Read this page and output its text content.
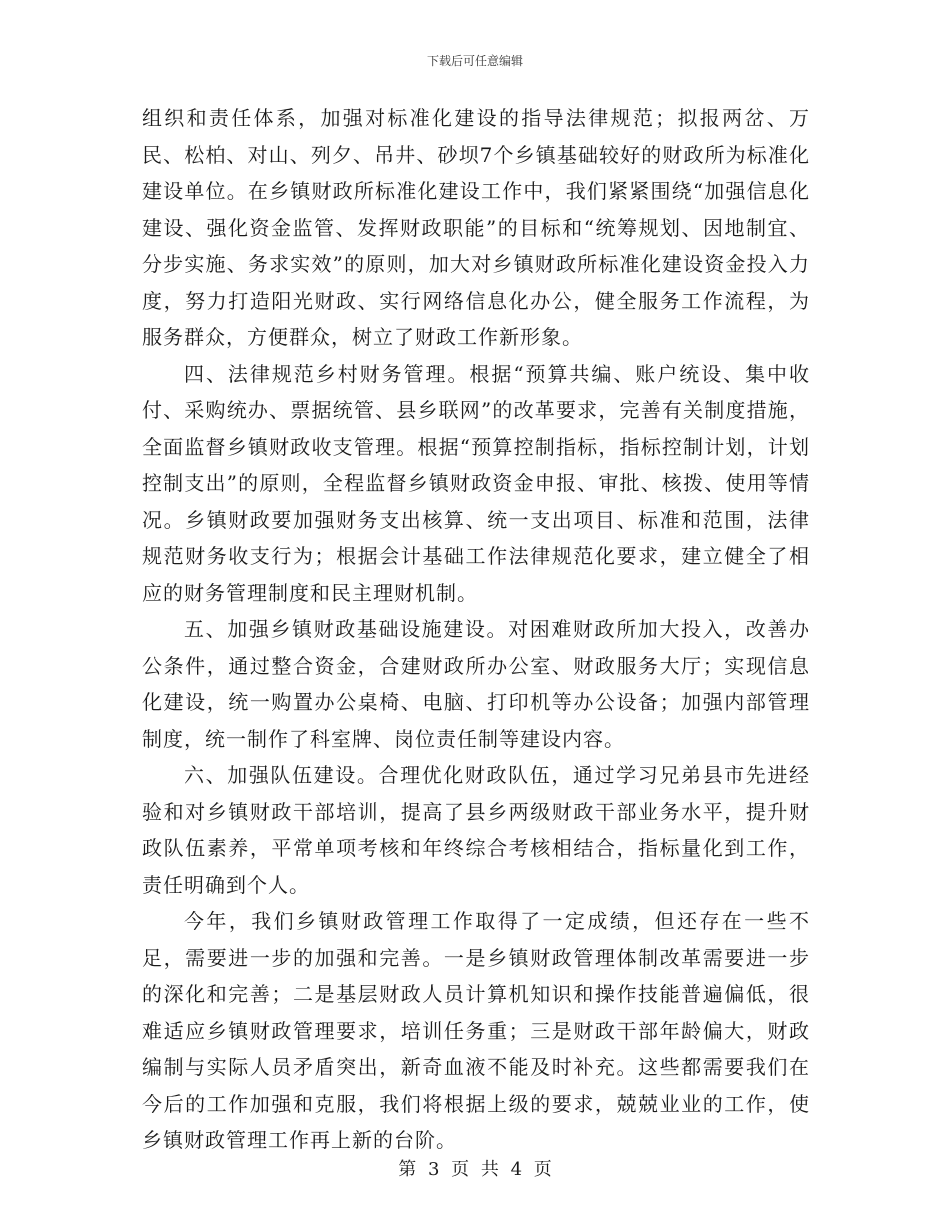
下载后可任意编辑

组织和责任体系，加强对标准化建设的指导法律规范；拟报两岔、万民、松柏、对山、列夕、吊井、砂坝7个乡镇基础较好的财政所为标准化建设单位。在乡镇财政所标准化建设工作中，我们紧紧围绕“加强信息化建设、强化资金监管、发挥财政职能”的目标和“统筹规划、因地制宜、分步实施、务求实效”的原则，加大对乡镇财政所标准化建设资金投入力度，努力打造阳光财政、实行网络信息化办公，健全服务工作流程，为服务群众，方便群众，树立了财政工作新形象。

四、法律规范乡村财务管理。根据“预算共编、账户统设、集中收付、采购统办、票据统管、县乡联网”的改革要求，完善有关制度措施，全面监督乡镇财政收支管理。根据“预算控制指标，指标控制计划，计划控制支出”的原则，全程监督乡镇财政资金申报、审批、核拨、使用等情况。乡镇财政要加强财务支出核算、统一支出项目、标准和范围，法律规范财务收支行为；根据会计基础工作法律规范化要求，建立健全了相应的财务管理制度和民主理财机制。

五、加强乡镇财政基础设施建设。对困难财政所加大投入，改善办公条件，通过整合资金，合建财政所办公室、财政服务大厅；实现信息化建设，统一购置办公桌椅、电脑、打印机等办公设备；加强内部管理制度，统一制作了科室牌、岗位责任制等建设内容。

六、加强队伍建设。合理优化财政队伍，通过学习兄弟县市先进经验和对乡镇财政干部培训，提高了县乡两级财政干部业务水平，提升财政队伍素养，平常单项考核和年终综合考核相结合，指标量化到工作，责任明确到个人。

今年，我们乡镇财政管理工作取得了一定成绩，但还存在一些不足，需要进一步的加强和完善。一是乡镇财政管理体制改革需要进一步的深化和完善；二是基层财政人员计算机知识和操作技能普遍偏低，很难适应乡镇财政管理要求，培训任务重；三是财政干部年龄偏大，财政编制与实际人员矛盾突出，新奇血液不能及时补充。这些都需要我们在今后的工作加强和克服，我们将根据上级的要求，兢兢业业的工作，使乡镇财政管理工作再上新的台阶。

第 3 页 共 4 页
